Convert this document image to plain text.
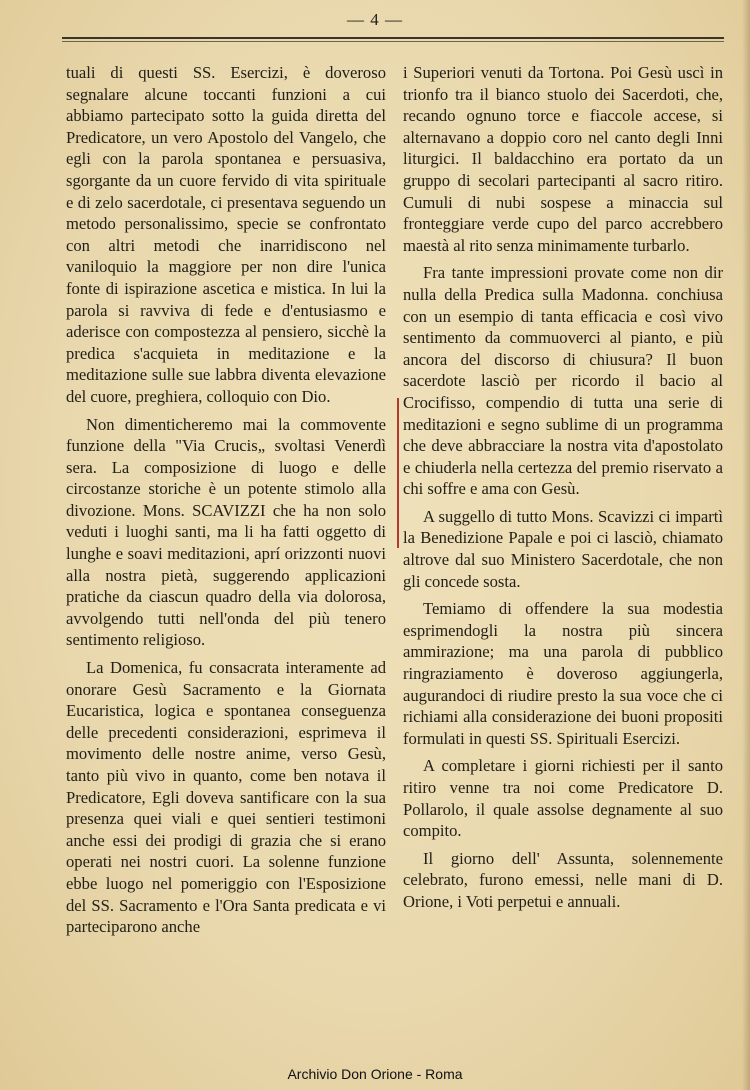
— 4 —

tuali di questi SS. Esercizi, è doveroso segnalare alcune toccanti funzioni a cui abbiamo partecipato sotto la guida diretta del Predicatore, un vero Apostolo del Vangelo, che egli con la parola spontanea e persuasiva, sgorgante da un cuore fervido di vita spirituale e di zelo sacerdotale, ci presentava seguendo un metodo personalissimo, specie se confrontato con altri metodi che inarridiscono nel vaniloquio la maggiore per non dire l'unica fonte di ispirazione ascetica e mistica. In lui la parola si ravviva di fede e d'entusiasmo e aderisce con compostezza al pensiero, sicchè la predica s'acquieta in meditazione e la meditazione sulle sue labbra diventa elevazione del cuore, preghiera, colloquio con Dio.

Non dimenticheremo mai la commovente funzione della "Via Crucis„ svoltasi Venerdì sera. La composizione di luogo e delle circostanze storiche è un potente stimolo alla divozione. Mons. SCAVIZZI che ha non solo veduti i luoghi santi, ma li ha fatti oggetto di lunghe e soavi meditazioni, aprí orizzonti nuovi alla nostra pietà, suggerendo applicazioni pratiche da ciascun quadro della via dolorosa, avvolgendo tutti nell'onda del più tenero sentimento religioso.

La Domenica, fu consacrata interamente ad onorare Gesù Sacramento e la Giornata Eucaristica, logica e spontanea conseguenza delle precedenti considerazioni, esprimeva il movimento delle nostre anime, verso Gesù, tanto più vivo in quanto, come ben notava il Predicatore, Egli doveva santificare con la sua presenza quei viali e quei sentieri testimoni anche essi dei prodigi di grazia che si erano operati nei nostri cuori. La solenne funzione ebbe luogo nel pomeriggio con l'Esposizione del SS. Sacramento e l'Ora Santa predicata e vi parteciparono anche

i Superiori venuti da Tortona. Poi Gesù uscì in trionfo tra il bianco stuolo dei Sacerdoti, che, recando ognuno torce e fiaccole accese, si alternavano a doppio coro nel canto degli Inni liturgici. Il baldacchino era portato da un gruppo di secolari partecipanti al sacro ritiro. Cumuli di nubi sospese a minaccia sul fronteggiare verde cupo del parco accrebbero maestà al rito senza minimamente turbarlo.

Fra tante impressioni provate come non dir nulla della Predica sulla Madonna. conchiusa con un esempio di tanta efficacia e così vivo sentimento da commuoverci al pianto, e più ancora del discorso di chiusura? Il buon sacerdote lasciò per ricordo il bacio al Crocifisso, compendio di tutta una serie di meditazioni e segno sublime di un programma che deve abbracciare la nostra vita d'apostolato e chiuderla nella certezza del premio riservato a chi soffre e ama con Gesù.

A suggello di tutto Mons. Scavizzi ci impartì la Benedizione Papale e poi ci lasciò, chiamato altrove dal suo Ministero Sacerdotale, che non gli concede sosta.

Temiamo di offendere la sua modestia esprimendogli la nostra più sincera ammirazione; ma una parola di pubblico ringraziamento è doveroso aggiungerla, augurandoci di riudire presto la sua voce che ci richiami alla considerazione dei buoni propositi formulati in questi SS. Spirituali Esercizi.

A completare i giorni richiesti per il santo ritiro venne tra noi come Predicatore D. Pollarolo, il quale assolse degnamente al suo compito.

Il giorno dell' Assunta, solennemente celebrato, furono emessi, nelle mani di D. Orione, i Voti perpetui e annuali.

Archivio Don Orione - Roma
